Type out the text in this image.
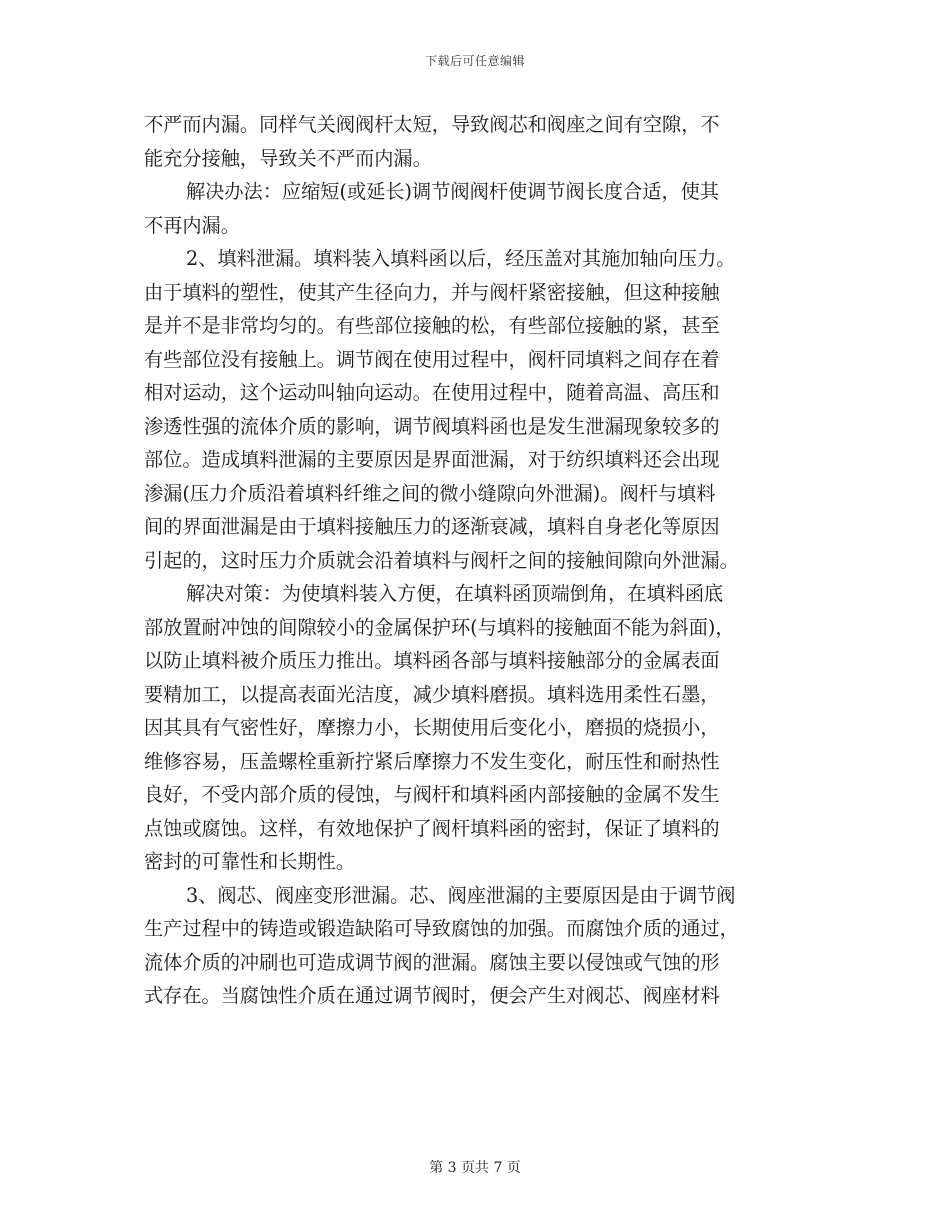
下载后可任意编辑
不严而内漏。同样气关阀阀杆太短，导致阀芯和阀座之间有空隙，不
能充分接触，导致关不严而内漏。
解决办法：应缩短(或延长)调节阀阀杆使调节阀长度合适，使其
不再内漏。
2、填料泄漏。填料装入填料函以后，经压盖对其施加轴向压力。
由于填料的塑性，使其产生径向力，并与阀杆紧密接触，但这种接触
是并不是非常均匀的。有些部位接触的松，有些部位接触的紧，甚至
有些部位没有接触上。调节阀在使用过程中，阀杆同填料之间存在着
相对运动，这个运动叫轴向运动。在使用过程中，随着高温、高压和
渗透性强的流体介质的影响，调节阀填料函也是发生泄漏现象较多的
部位。造成填料泄漏的主要原因是界面泄漏，对于纺织填料还会出现
渗漏(压力介质沿着填料纤维之间的微小缝隙向外泄漏)。阀杆与填料
间的界面泄漏是由于填料接触压力的逐渐衰减，填料自身老化等原因
引起的，这时压力介质就会沿着填料与阀杆之间的接触间隙向外泄漏。
解决对策：为使填料装入方便，在填料函顶端倒角，在填料函底
部放置耐冲蚀的间隙较小的金属保护环(与填料的接触面不能为斜面)，
以防止填料被介质压力推出。填料函各部与填料接触部分的金属表面
要精加工，以提高表面光洁度，减少填料磨损。填料选用柔性石墨，
因其具有气密性好，摩擦力小，长期使用后变化小，磨损的烧损小，
维修容易，压盖螺栓重新拧紧后摩擦力不发生变化，耐压性和耐热性
良好，不受内部介质的侵蚀，与阀杆和填料函内部接触的金属不发生
点蚀或腐蚀。这样，有效地保护了阀杆填料函的密封，保证了填料的
密封的可靠性和长期性。
3、阀芯、阀座变形泄漏。芯、阀座泄漏的主要原因是由于调节阀
生产过程中的铸造或锻造缺陷可导致腐蚀的加强。而腐蚀介质的通过，
流体介质的冲刷也可造成调节阀的泄漏。腐蚀主要以侵蚀或气蚀的形
式存在。当腐蚀性介质在通过调节阀时，便会产生对阀芯、阀座材料
第 3 页共 7 页
